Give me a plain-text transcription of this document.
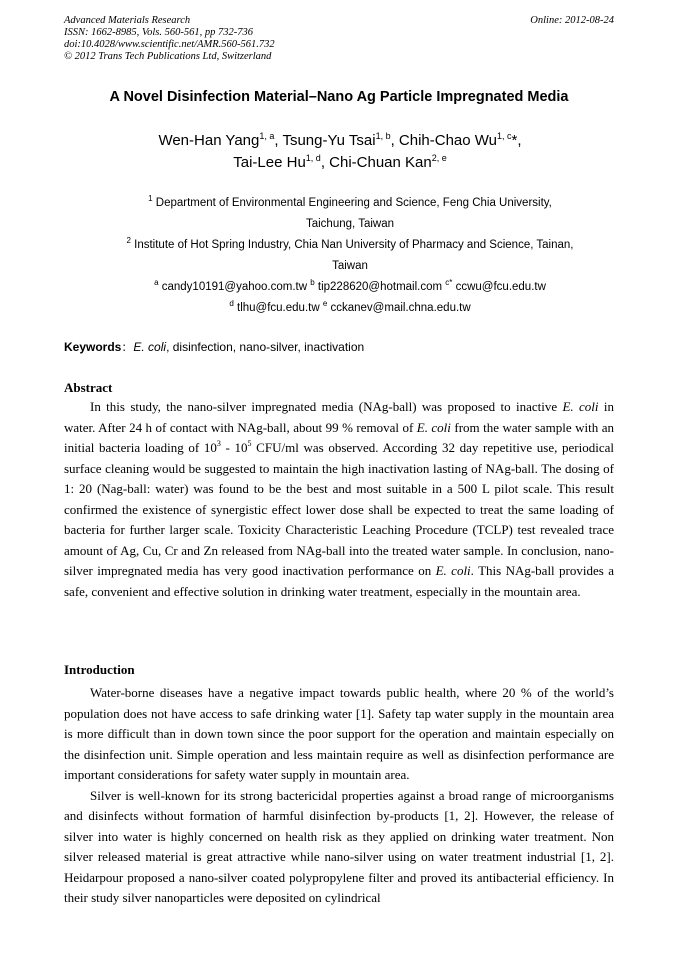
Advanced Materials Research
ISSN: 1662-8985, Vols. 560-561, pp 732-736
doi:10.4028/www.scientific.net/AMR.560-561.732
© 2012 Trans Tech Publications Ltd, Switzerland
Online: 2012-08-24
A Novel Disinfection Material–Nano Ag Particle Impregnated Media
Wen-Han Yang$^{1, a}$, Tsung-Yu Tsai$^{1, b}$, Chih-Chao Wu$^{1, c}$*,
Tai-Lee Hu$^{1, d}$, Chi-Chuan Kan$^{2, e}$
$^1$ Department of Environmental Engineering and Science, Feng Chia University,
Taichung, Taiwan
$^2$ Institute of Hot Spring Industry, Chia Nan University of Pharmacy and Science, Tainan,
Taiwan
$^a$ candy10191@yahoo.com.tw $^b$ tip228620@hotmail.com $^{c*}$ ccwu@fcu.edu.tw
$^d$ tlhu@fcu.edu.tw $^e$ cckanev@mail.chna.edu.tw
Keywords：E. coli, disinfection, nano-silver, inactivation
Abstract

In this study, the nano-silver impregnated media (NAg-ball) was proposed to inactive E. coli in water. After 24 h of contact with NAg-ball, about 99 % removal of E. coli from the water sample with an initial bacteria loading of $10^3 - 10^5$ CFU/ml was observed. According 32 day repetitive use, periodical surface cleaning would be suggested to maintain the high inactivation lasting of NAg-ball. The dosing of 1: 20 (Nag-ball: water) was found to be the best and most suitable in a 500 L pilot scale. This result confirmed the existence of synergistic effect lower dose shall be expected to treat the same loading of bacteria for further larger scale. Toxicity Characteristic Leaching Procedure (TCLP) test revealed trace amount of Ag, Cu, Cr and Zn released from NAg-ball into the treated water sample. In conclusion, nano-silver impregnated media has very good inactivation performance on E. coli. This NAg-ball provides a safe, convenient and effective solution in drinking water treatment, especially in the mountain area.

Introduction

Water-borne diseases have a negative impact towards public health, where 20 % of the world’s population does not have access to safe drinking water [1]. Safety tap water supply in the mountain area is more difficult than in down town since the poor support for the operation and maintain especially on the disinfection unit. Simple operation and less maintain require as well as disinfection performance are important considerations for safety water supply in mountain area.

Silver is well-known for its strong bactericidal properties against a broad range of microorganisms and disinfects without formation of harmful disinfection by-products [1, 2]. However, the release of silver into water is highly concerned on health risk as they applied on drinking water treatment. Non silver released material is great attractive while nano-silver using on water treatment industrial [1, 2]. Heidarpour proposed a nano-silver coated polypropylene filter and proved its antibacterial efficiency. In their study silver nanoparticles were deposited on cylindrical
